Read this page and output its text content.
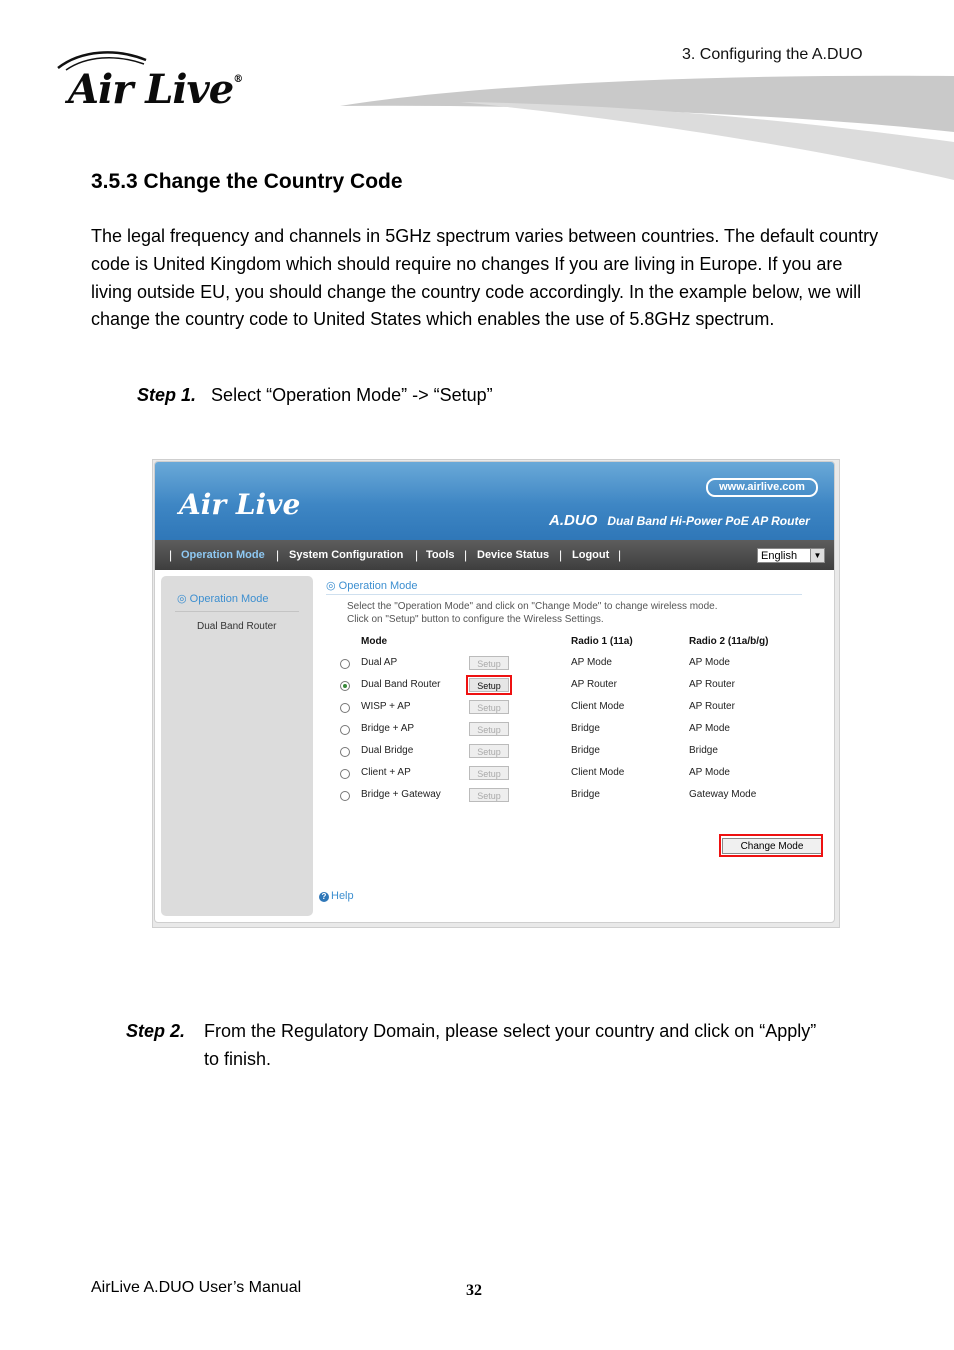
3. Configuring the A.DUO
Air Live®
3.5.3 Change the Country Code
The legal frequency and channels in 5GHz spectrum varies between countries. The default country code is United Kingdom which should require no changes If you are living in Europe. If you are living outside EU, you should change the country code accordingly. In the example below, we will change the country code to United States which enables the use of 5.8GHz spectrum.
Step 1. Select “Operation Mode” -> “Setup”
Air Live
www.airlive.com
A.DUO Dual Band Hi-Power PoE AP Router
| Operation Mode | System Configuration | Tools | Device Status | Logout |	English	▼
◎ Operation Mode
Dual Band Router
◎ Operation Mode
Select the "Operation Mode" and click on "Change Mode" to change wireless mode.
Click on "Setup" button to configure the Wireless Settings.
Mode	Radio 1 (11a)	Radio 2 (11a/b/g)
Dual AP	Setup	AP Mode	AP Mode
Dual Band Router	Setup	AP Router	AP Router
WISP + AP	Setup	Client Mode	AP Router
Bridge + AP	Setup	Bridge	AP Mode
Dual Bridge	Setup	Bridge	Bridge
Client + AP	Setup	Client Mode	AP Mode
Bridge + Gateway	Setup	Bridge	Gateway Mode
Change Mode
? Help
Step 2. From the Regulatory Domain, please select your country and click on “Apply”
to finish.
AirLive A.DUO User’s Manual	32
